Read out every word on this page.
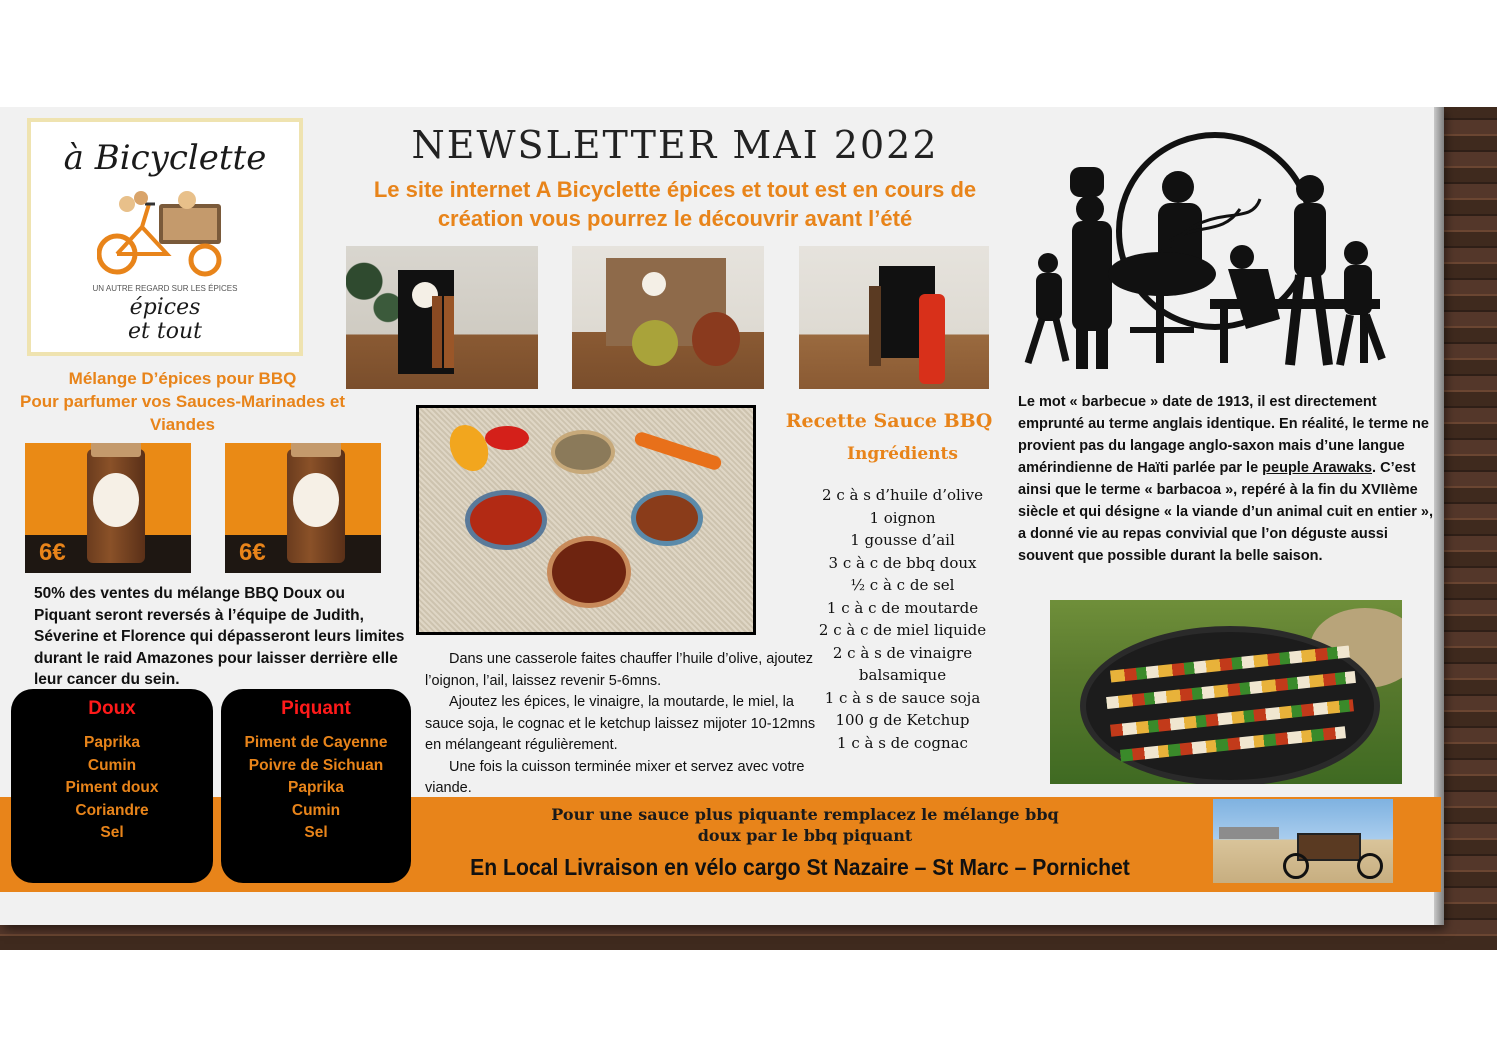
à Bicyclette
UN AUTRE REGARD SUR LES ÉPICES
épices
et tout
NEWSLETTER MAI 2022
Le site internet A Bicyclette épices et tout est en cours de
création vous pourrez le découvrir avant l’été
Mélange D’épices pour BBQ
Pour parfumer vos Sauces-Marinades et
Viandes
6€	6€
50% des ventes du mélange BBQ Doux ou Piquant seront reversés à l’équipe de Judith, Séverine et Florence qui dépasseront leurs limites durant le raid Amazones pour laisser derrière elle leur cancer du sein.
Doux
Paprika
Cumin
Piment doux
Coriandre
Sel
Piquant
Piment de Cayenne
Poivre de Sichuan
Paprika
Cumin
Sel

Dans une casserole faites chauffer l’huile d’olive, ajoutez l’oignon, l’ail, laissez revenir 5-6mns.

Ajoutez les épices, le vinaigre, la moutarde, le miel, la sauce soja, le cognac et le ketchup laissez mijoter 10-12mns en mélangeant régulièrement.

Une fois la cuisson terminée mixer et servez avec votre viande.

Recette Sauce BBQ
Ingrédients
2 c à s d’huile d’olive
1 oignon
1 gousse d’ail
3 c à c de bbq doux
½ c à c de sel
1 c à c de moutarde
2 c à c de miel liquide
2 c à s de vinaigre
balsamique
1 c à s de sauce soja
100 g de Ketchup
1 c à s de cognac
Le mot « barbecue » date de 1913, il est directement emprunté au terme anglais identique. En réalité, le terme ne provient pas du langage anglo-saxon mais d’une langue amérindienne de Haïti parlée par le peuple Arawaks. C’est ainsi que le terme « barbacoa », repéré à la fin du XVIIème siècle et qui désigne « la viande d’un animal cuit en entier », a donné vie au repas convivial que l’on déguste aussi souvent que possible durant la belle saison.
Pour une sauce plus piquante remplacez le mélange bbq
doux par le bbq piquant
En Local Livraison en vélo cargo St Nazaire – St Marc – Pornichet
